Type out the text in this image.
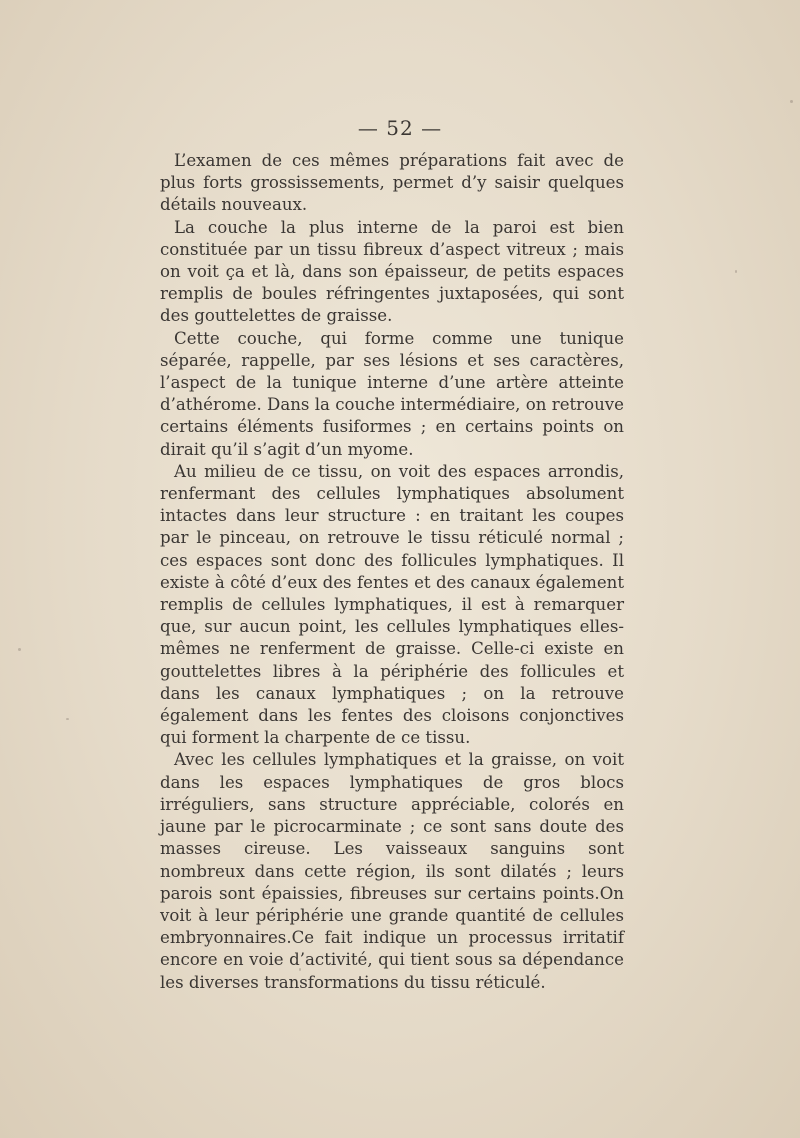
— 52 —

L’examen de ces mêmes préparations fait avec de plus forts grossissements, permet d’y saisir quelques détails nouveaux.

La couche la plus interne de la paroi est bien constituée par un tissu fibreux d’aspect vitreux ; mais on voit ça et là, dans son épaisseur, de petits espaces remplis de boules réfringentes juxtaposées, qui sont des gouttelettes de graisse.

Cette couche, qui forme comme une tunique séparée, rappelle, par ses lésions et ses caractères, l’aspect de la tunique interne d’une artère atteinte d’athérome. Dans la couche intermédiaire, on retrouve certains éléments fusiformes ; en certains points on dirait qu’il s’agit d’un myome.

Au milieu de ce tissu, on voit des espaces arrondis, renfermant des cellules lymphatiques absolument intactes dans leur structure : en traitant les coupes par le pinceau, on retrouve le tissu réticulé normal ; ces espaces sont donc des follicules lymphatiques. Il existe à côté d’eux des fentes et des canaux également remplis de cellules lymphatiques, il est à remarquer que, sur aucun point, les cellules lymphatiques elles-mêmes ne renferment de graisse. Celle-ci existe en gouttelettes libres à la périphérie des follicules et dans les canaux lymphatiques ; on la retrouve également dans les fentes des cloisons conjonctives qui forment la charpente de ce tissu.

Avec les cellules lymphatiques et la graisse, on voit dans les espaces lymphatiques de gros blocs irréguliers, sans structure appréciable, colorés en jaune par le picrocarminate ; ce sont sans doute des masses cireuse. Les vaisseaux sanguins sont nombreux dans cette région, ils sont dilatés ; leurs parois sont épaissies, fibreuses sur certains points.On voit à leur périphérie une grande quantité de cellules embryonnaires.Ce fait indique un processus irritatif encore en voie d’activité, qui tient sous sa dépendance les diverses transformations du tissu réticulé.
